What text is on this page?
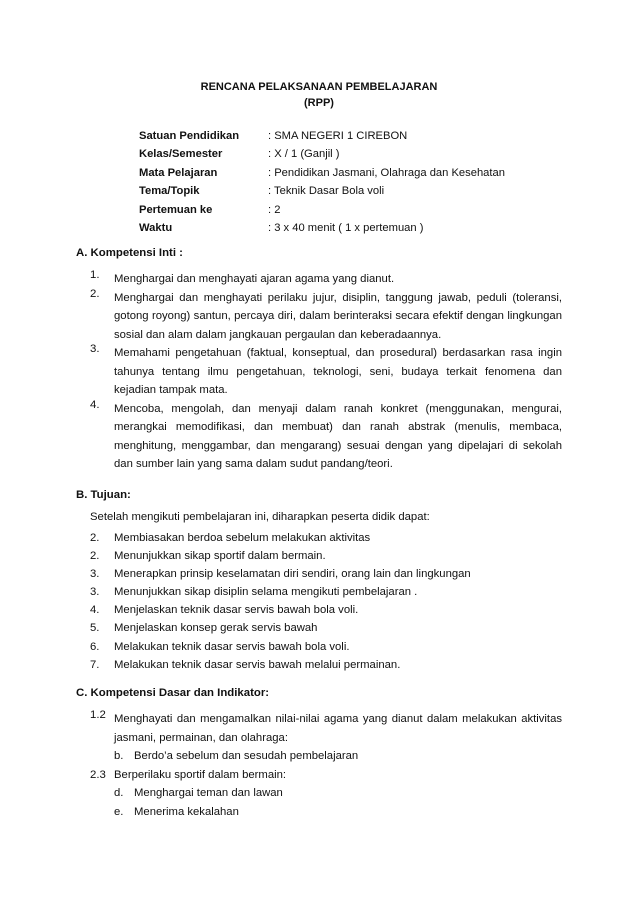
RENCANA PELAKSANAAN PEMBELAJARAN
(RPP)
Satuan Pendidikan	: SMA NEGERI 1 CIREBON
Kelas/Semester	: X / 1 (Ganjil )
Mata Pelajaran	: Pendidikan Jasmani, Olahraga dan Kesehatan
Tema/Topik	: Teknik Dasar Bola voli
Pertemuan ke	: 2
Waktu	: 3 x 40 menit ( 1 x pertemuan )
A. Kompetensi Inti :
1. Menghargai dan menghayati ajaran agama yang dianut.
2. Menghargai dan menghayati perilaku jujur, disiplin, tanggung jawab, peduli (toleransi, gotong royong) santun, percaya diri, dalam berinteraksi secara efektif dengan lingkungan sosial dan alam dalam jangkauan pergaulan dan keberadaannya.
3. Memahami pengetahuan (faktual, konseptual, dan prosedural) berdasarkan rasa ingin tahunya tentang ilmu pengetahuan, teknologi, seni, budaya terkait fenomena dan kejadian tampak mata.
4. Mencoba, mengolah, dan menyaji dalam ranah konkret (menggunakan, mengurai, merangkai memodifikasi, dan membuat) dan ranah abstrak (menulis, membaca, menghitung, menggambar, dan mengarang) sesuai dengan yang dipelajari di sekolah dan sumber lain yang sama dalam sudut pandang/teori.
B. Tujuan:
Setelah mengikuti pembelajaran ini, diharapkan peserta didik dapat:
2. Membiasakan berdoa sebelum melakukan aktivitas
2. Menunjukkan sikap sportif dalam bermain.
3. Menerapkan prinsip keselamatan diri sendiri, orang lain dan lingkungan
3. Menunjukkan sikap disiplin selama mengikuti pembelajaran .
4. Menjelaskan teknik dasar servis bawah bola voli.
5. Menjelaskan konsep gerak servis bawah
6. Melakukan teknik dasar servis bawah bola voli.
7. Melakukan teknik dasar servis bawah melalui permainan.
C. Kompetensi Dasar dan Indikator:
1.2 Menghayati dan mengamalkan nilai-nilai agama yang dianut dalam melakukan aktivitas jasmani, permainan, dan olahraga:
b. Berdo’a sebelum dan sesudah pembelajaran
2.3 Berperilaku sportif dalam bermain:
d. Menghargai teman dan lawan
e. Menerima kekalahan
